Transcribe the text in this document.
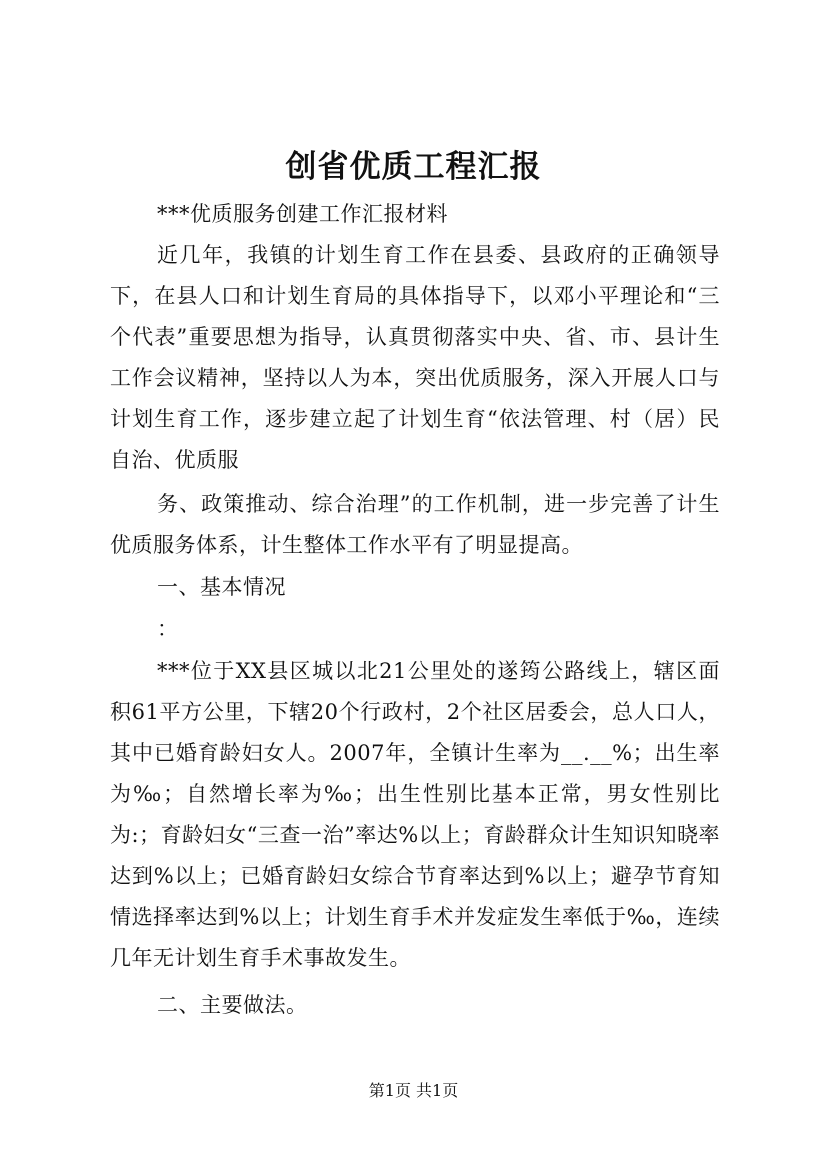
创省优质工程汇报

***优质服务创建工作汇报材料

近几年，我镇的计划生育工作在县委、县政府的正确领导下，在县人口和计划生育局的具体指导下，以邓小平理论和“三个代表”重要思想为指导，认真贯彻落实中央、省、市、县计生工作会议精神，坚持以人为本，突出优质服务，深入开展人口与计划生育工作，逐步建立起了计划生育“依法管理、村（居）民自治、优质服

务、政策推动、综合治理”的工作机制，进一步完善了计生优质服务体系，计生整体工作水平有了明显提高。

一、基本情况

：

***位于XX县区城以北21公里处的遂筠公路线上，辖区面积61平方公里，下辖20个行政村，2个社区居委会，总人口人，其中已婚育龄妇女人。2007年，全镇计生率为__.__%；出生率为‰；自然增长率为‰；出生性别比基本正常，男女性别比为:；育龄妇女“三查一治”率达%以上；育龄群众计生知识知晓率达到%以上；已婚育龄妇女综合节育率达到%以上；避孕节育知情选择率达到%以上；计划生育手术并发症发生率低于‰，连续几年无计划生育手术事故发生。

二、主要做法。

第1页 共1页
